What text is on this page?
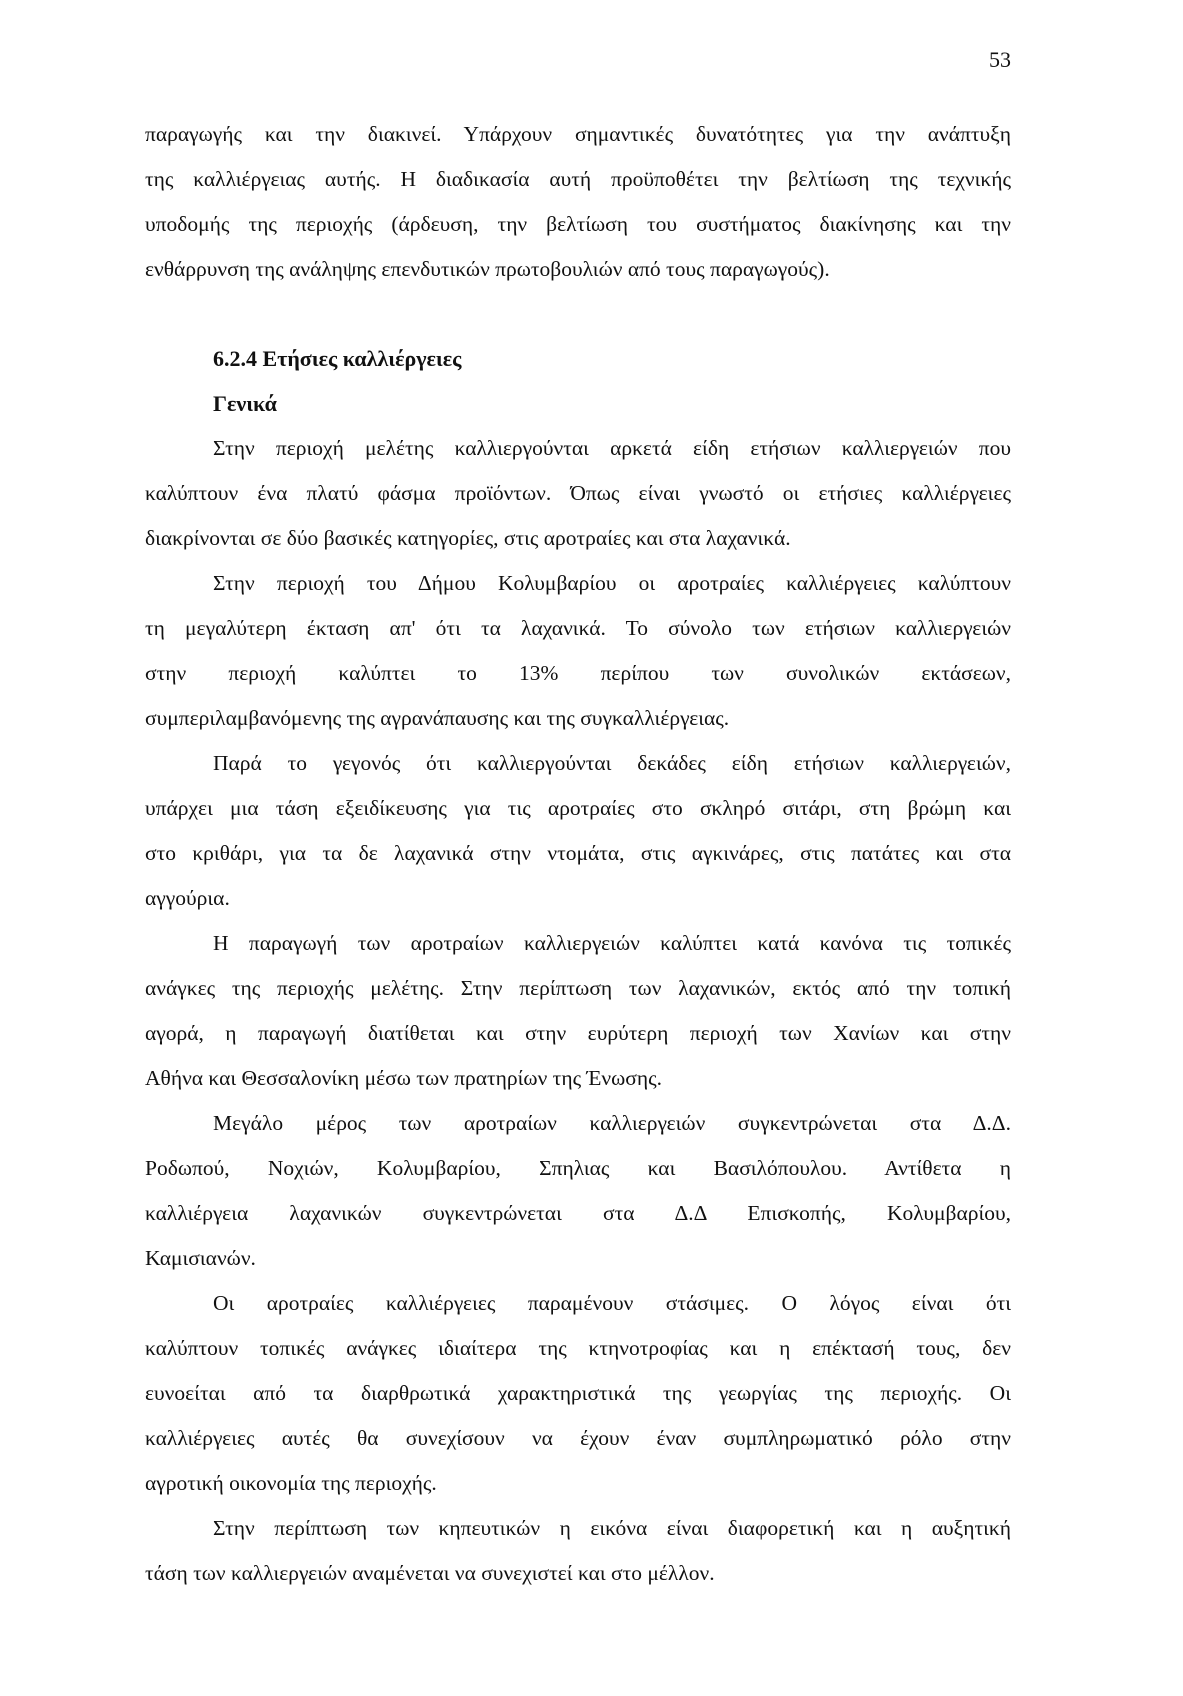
53
παραγωγής και την διακινεί. Υπάρχουν σημαντικές δυνατότητες για την ανάπτυξη
της καλλιέργειας αυτής. Η διαδικασία αυτή προϋποθέτει την βελτίωση της τεχνικής
υποδομής της περιοχής (άρδευση, την βελτίωση του συστήματος διακίνησης και την
ενθάρρυνση της ανάληψης επενδυτικών πρωτοβουλιών από τους παραγωγούς).
6.2.4 Ετήσιες καλλιέργειες
Γενικά
Στην περιοχή μελέτης καλλιεργούνται αρκετά είδη ετήσιων καλλιεργειών που
καλύπτουν ένα πλατύ φάσμα προϊόντων. Όπως είναι γνωστό οι ετήσιες καλλιέργειες
διακρίνονται σε δύο βασικές κατηγορίες, στις αροτραίες και στα λαχανικά.
Στην περιοχή του Δήμου Κολυμβαρίου οι αροτραίες καλλιέργειες καλύπτουν
τη μεγαλύτερη έκταση απ' ότι τα λαχανικά. Το σύνολο των ετήσιων καλλιεργειών
στην περιοχή καλύπτει το 13% περίπου των συνολικών εκτάσεων,
συμπεριλαμβανόμενης της αγρανάπαυσης και της συγκαλλιέργειας.
Παρά το γεγονός ότι καλλιεργούνται δεκάδες είδη ετήσιων καλλιεργειών,
υπάρχει μια τάση εξειδίκευσης για τις αροτραίες στο σκληρό σιτάρι, στη βρώμη και
στο κριθάρι, για τα δε λαχανικά στην ντομάτα, στις αγκινάρες, στις πατάτες και στα
αγγούρια.
Η παραγωγή των αροτραίων καλλιεργειών καλύπτει κατά κανόνα τις τοπικές
ανάγκες της περιοχής μελέτης. Στην περίπτωση των λαχανικών, εκτός από την τοπική
αγορά, η παραγωγή διατίθεται και στην ευρύτερη περιοχή των Χανίων και στην
Αθήνα και Θεσσαλονίκη μέσω των πρατηρίων της Ένωσης.
Μεγάλο μέρος των αροτραίων καλλιεργειών συγκεντρώνεται στα Δ.Δ.
Ροδωπού, Νοχιών, Κολυμβαρίου, Σπηλιας και Βασιλόπουλου. Αντίθετα η
καλλιέργεια λαχανικών συγκεντρώνεται στα Δ.Δ Επισκοπής, Κολυμβαρίου,
Καμισιανών.
Οι αροτραίες καλλιέργειες παραμένουν στάσιμες. Ο λόγος είναι ότι
καλύπτουν τοπικές ανάγκες ιδιαίτερα της κτηνοτροφίας και η επέκτασή τους, δεν
ευνοείται από τα διαρθρωτικά χαρακτηριστικά της γεωργίας της περιοχής. Οι
καλλιέργειες αυτές θα συνεχίσουν να έχουν έναν συμπληρωματικό ρόλο στην
αγροτική οικονομία της περιοχής.
Στην περίπτωση των κηπευτικών η εικόνα είναι διαφορετική και η αυξητική
τάση των καλλιεργειών αναμένεται να συνεχιστεί και στο μέλλον.
